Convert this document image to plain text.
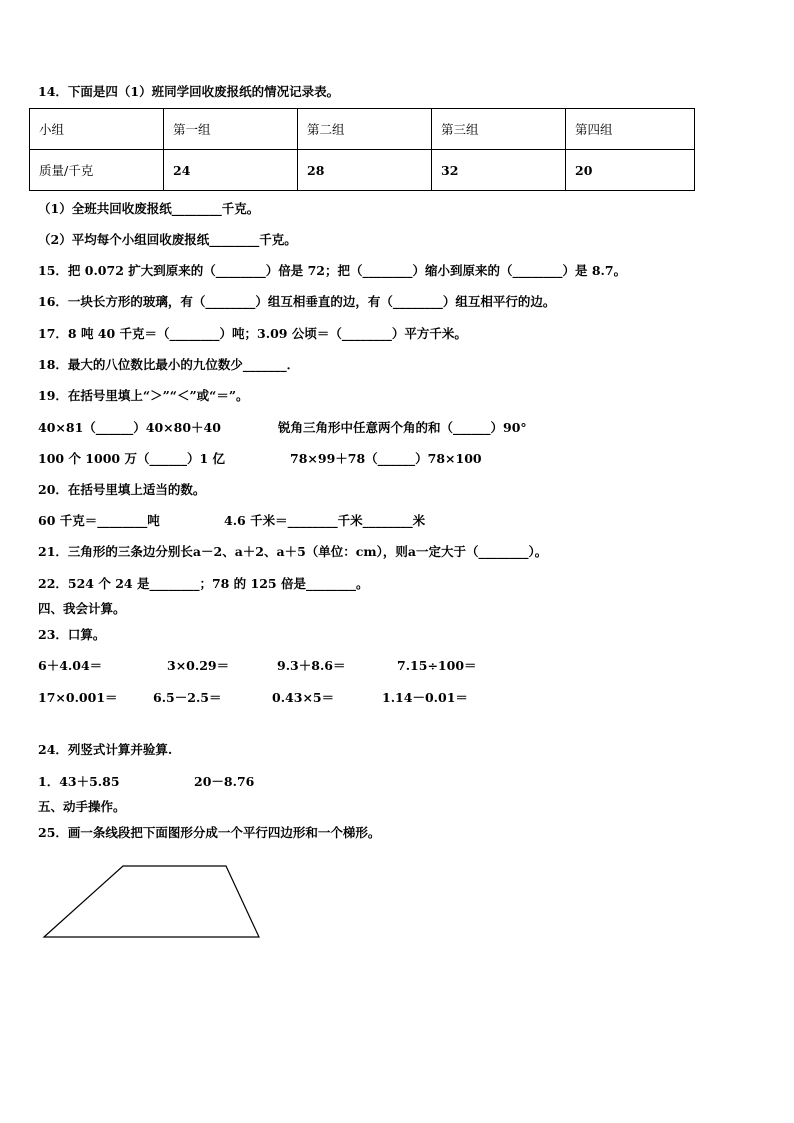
14．下面是四（1）班同学回收废报纸的情况记录表。
小组	第一组	第二组	第三组	第四组
质量/千克	24	28	32	20
（1）全班共回收废报纸________千克。
（2）平均每个小组回收废报纸________千克。
15．把 0.072 扩大到原来的（________）倍是 72；把（________）缩小到原来的（________）是 8.7。
16．一块长方形的玻璃，有（________）组互相垂直的边，有（________）组互相平行的边。
17．8 吨 40 千克＝（________）吨；3.09 公顷＝（________）平方千米。
18．最大的八位数比最小的九位数少_______．
19．在括号里填上“＞”“＜”或“＝”。
40×81（______）40×80＋40	锐角三角形中任意两个角的和（______）90°
100 个 1000 万（______）1 亿	78×99＋78（______）78×100
20．在括号里填上适当的数。
60 千克＝________吨	4.6 千米＝________千米________米
21．三角形的三条边分别长a－2、a＋2、a＋5（单位：cm），则a一定大于（________）。
22．524 个 24 是________；78 的 125 倍是________。
四、我会计算。
23．口算。
6＋4.04＝	3×0.29＝	9.3＋8.6＝	7.15÷100＝
17×0.001＝	6.5－2.5＝	0.43×5＝	1.14－0.01＝
24．列竖式计算并验算.
1．43＋5.85	20－8.76
五、动手操作。
25．画一条线段把下面图形分成一个平行四边形和一个梯形。
